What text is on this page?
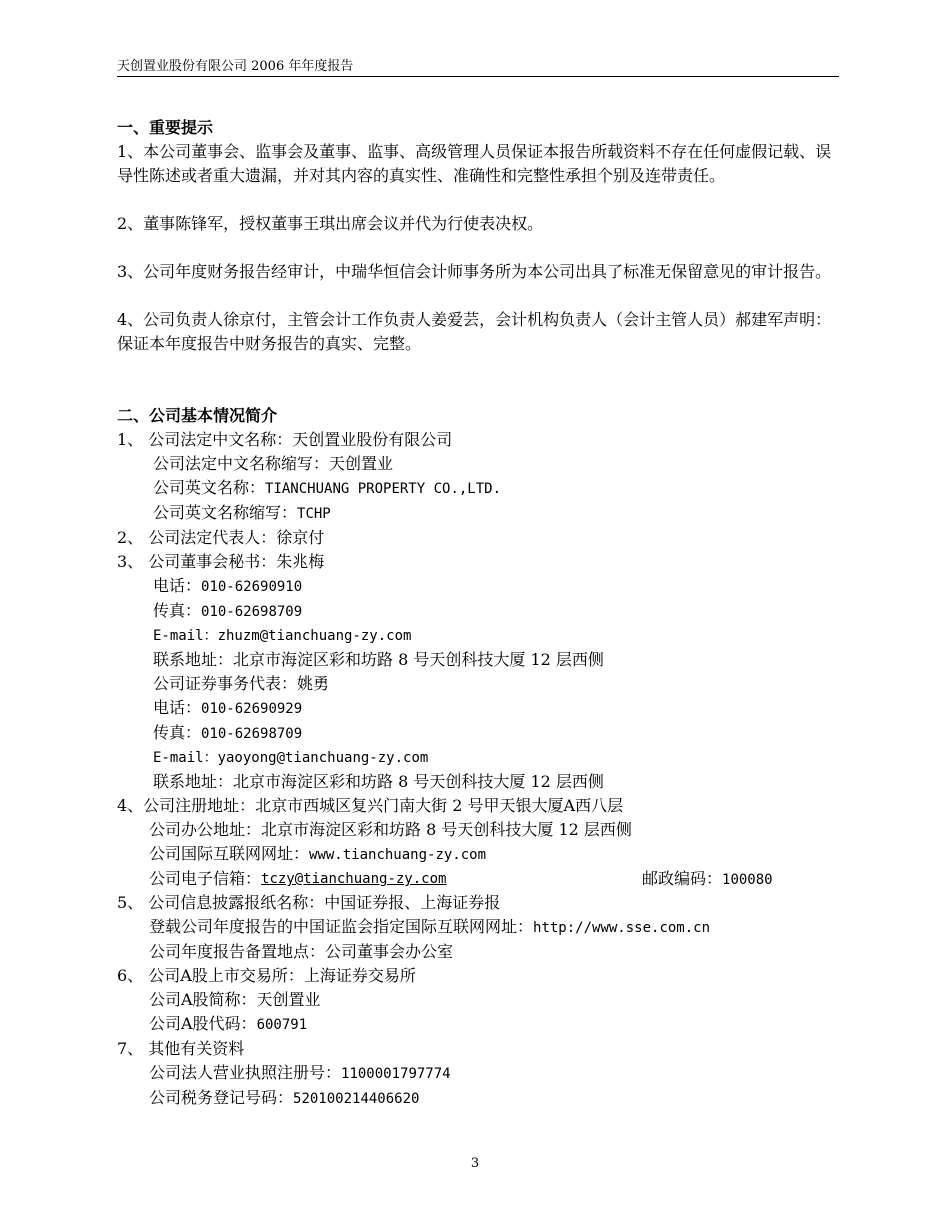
天创置业股份有限公司 2006 年年度报告
一、重要提示
1、本公司董事会、监事会及董事、监事、高级管理人员保证本报告所载资料不存在任何虚假记载、误导性陈述或者重大遗漏，并对其内容的真实性、准确性和完整性承担个别及连带责任。
2、董事陈锋军，授权董事王琪出席会议并代为行使表决权。
3、公司年度财务报告经审计，中瑞华恒信会计师事务所为本公司出具了标准无保留意见的审计报告。
4、公司负责人徐京付，主管会计工作负责人姜爱芸，会计机构负责人（会计主管人员）郝建军声明：保证本年度报告中财务报告的真实、完整。
二、公司基本情况简介
1、 公司法定中文名称：天创置业股份有限公司
公司法定中文名称缩写：天创置业
公司英文名称：TIANCHUANG PROPERTY CO.,LTD.
公司英文名称缩写：TCHP
2、 公司法定代表人：徐京付
3、 公司董事会秘书：朱兆梅
电话：010-62690910
传真：010-62698709
E-mail：zhuzm@tianchuang-zy.com
联系地址：北京市海淀区彩和坊路 8 号天创科技大厦 12 层西侧
公司证券事务代表：姚勇
电话：010-62690929
传真：010-62698709
E-mail：yaoyong@tianchuang-zy.com
联系地址：北京市海淀区彩和坊路 8 号天创科技大厦 12 层西侧
4、公司注册地址：北京市西城区复兴门南大街 2 号甲天银大厦A西八层
公司办公地址：北京市海淀区彩和坊路 8 号天创科技大厦 12 层西侧
公司国际互联网网址：www.tianchuang-zy.com
公司电子信箱： tczy@tianchuang-zy.com	邮政编码：100080
5、 公司信息披露报纸名称：中国证券报、上海证券报
登载公司年度报告的中国证监会指定国际互联网网址：http://www.sse.com.cn
公司年度报告备置地点：公司董事会办公室
6、 公司A股上市交易所：上海证券交易所
公司A股简称：天创置业
公司A股代码：600791
7、 其他有关资料
公司法人营业执照注册号：1100001797774
公司税务登记号码：520100214406620
3
